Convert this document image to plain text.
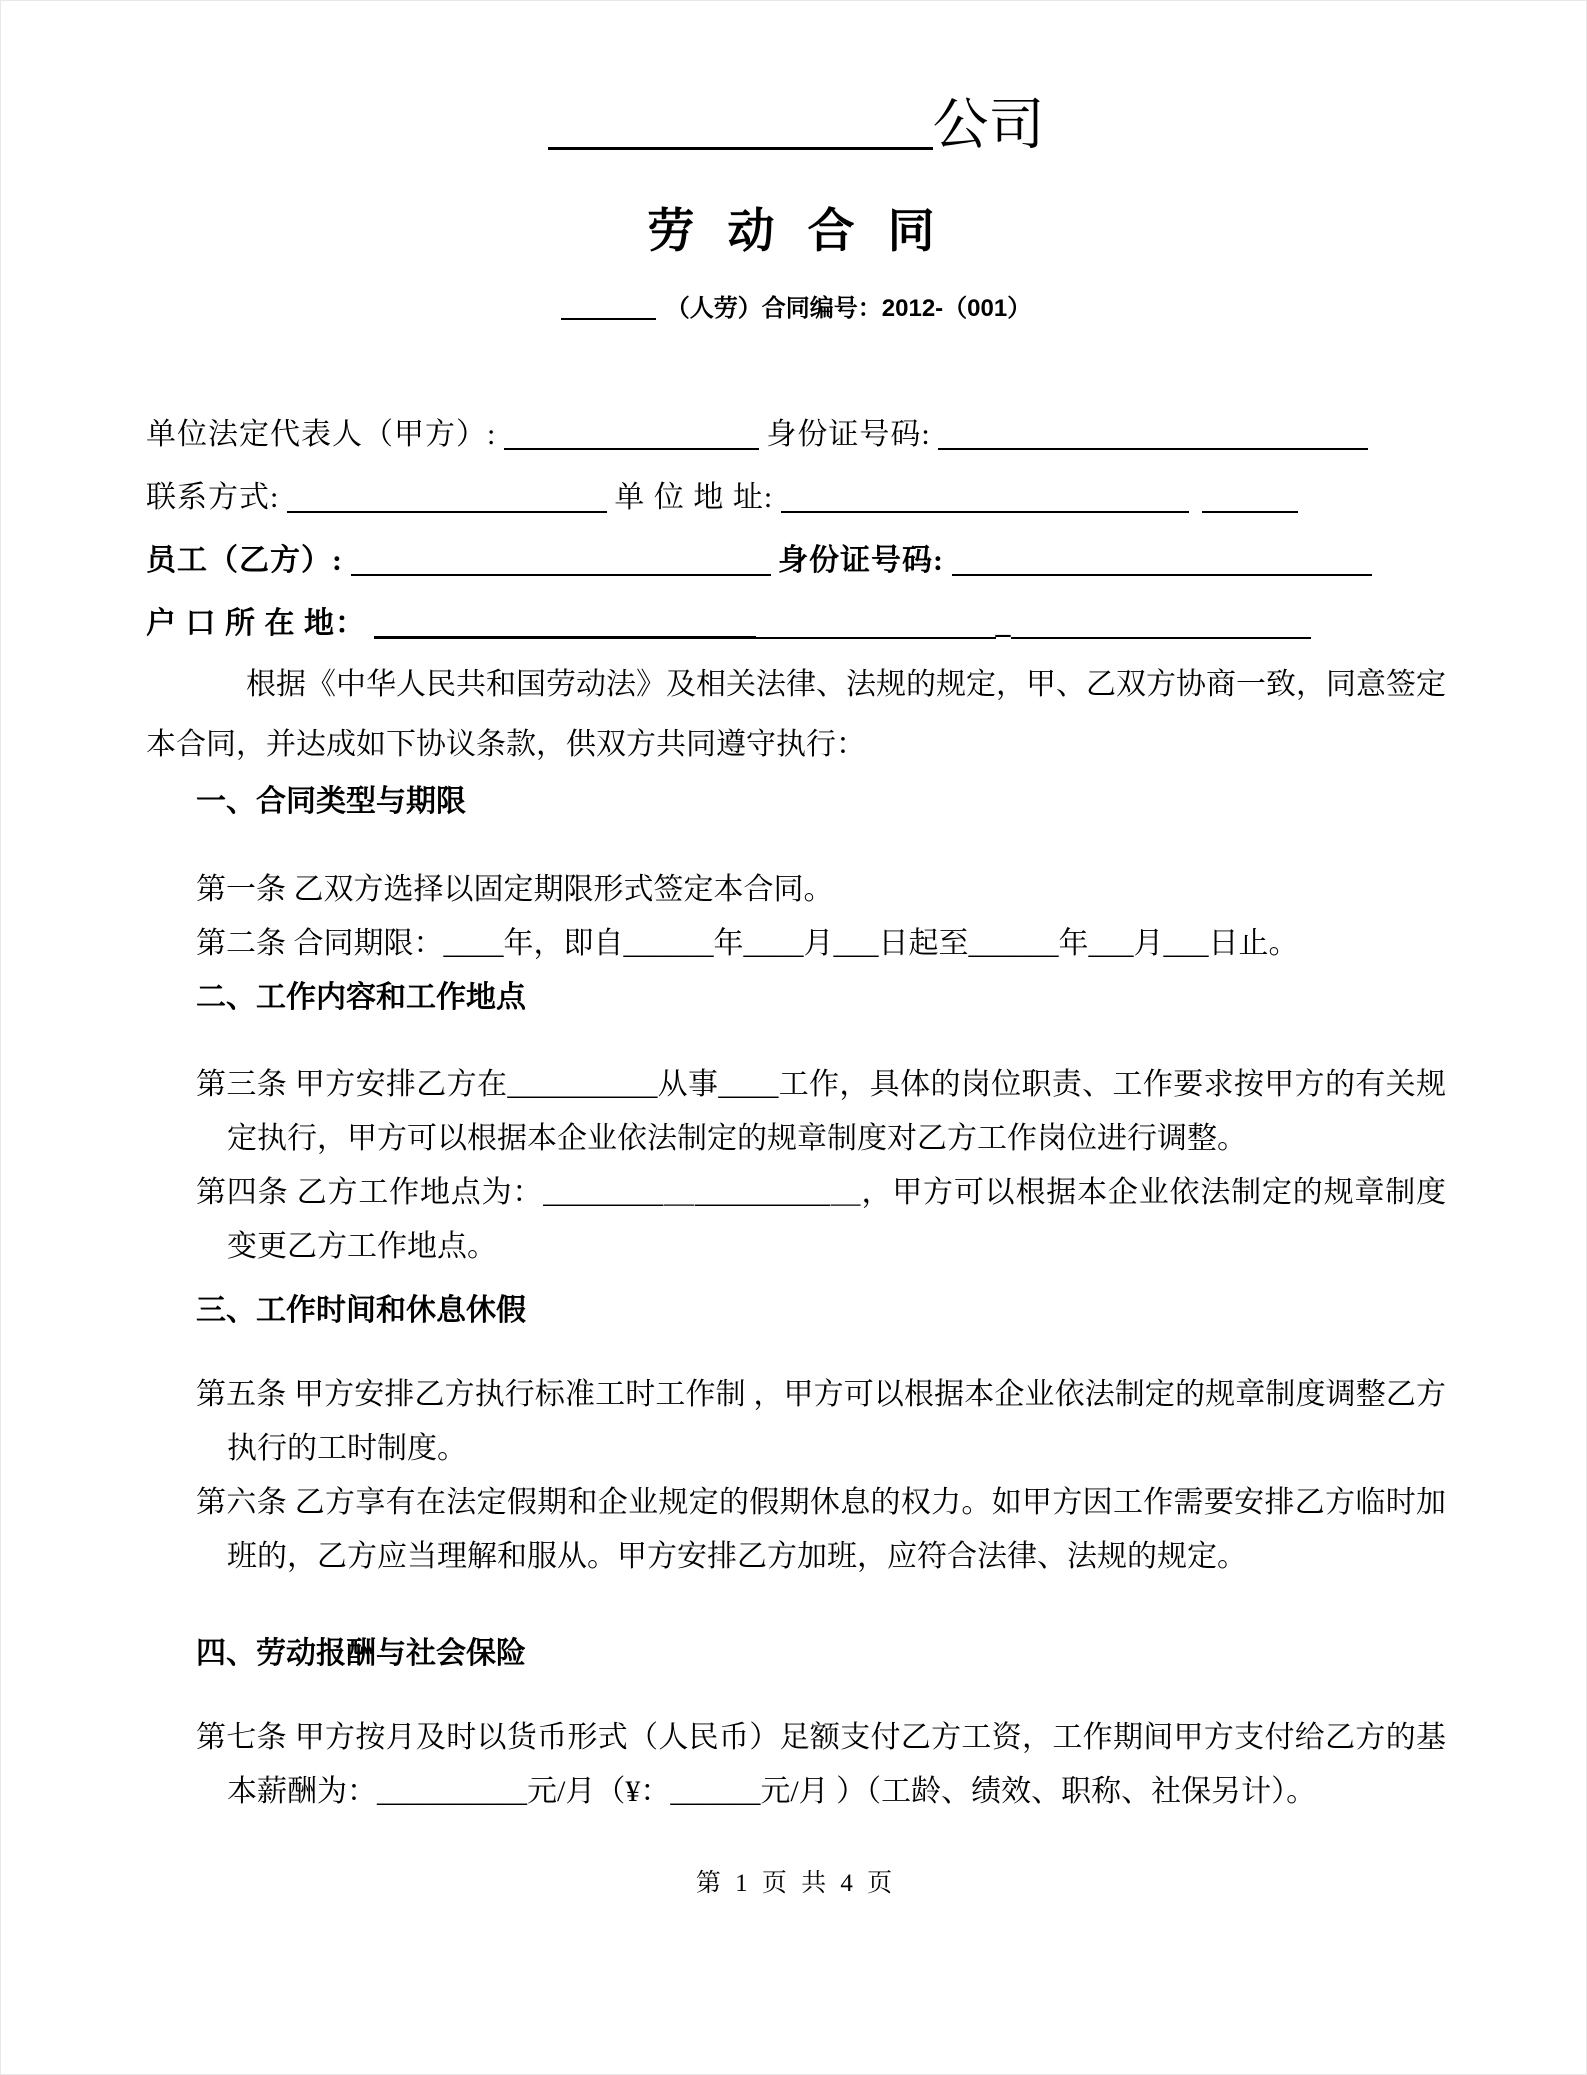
公司
劳 动 合 同
（人劳）合同编号：2012-（001）
单位法定代表人（甲方）:	身份证号码:
联系方式:	单 位 地 址:
员工（乙方）:	身份证号码:
户 口 所 在 地：	_

根据《中华人民共和国劳动法》及相关法律、法规的规定，甲、乙双方协商一致，同意签定本合同，并达成如下协议条款，供双方共同遵守执行：

一、合同类型与期限

第一条 乙双方选择以固定期限形式签定本合同。

第二条 合同期限：____年，即自______年____月___日起至______年___月___日止。

二、工作内容和工作地点

第三条 甲方安排乙方在__________从事____工作，具体的岗位职责、工作要求按甲方的有关规定执行，甲方可以根据本企业依法制定的规章制度对乙方工作岗位进行调整。

第四条 乙方工作地点为：________＿_________＿，甲方可以根据本企业依法制定的规章制度变更乙方工作地点。

三、工作时间和休息休假

第五条 甲方安排乙方执行标准工时工作制 ，甲方可以根据本企业依法制定的规章制度调整乙方执行的工时制度。

第六条 乙方享有在法定假期和企业规定的假期休息的权力。如甲方因工作需要安排乙方临时加班的，乙方应当理解和服从。甲方安排乙方加班，应符合法律、法规的规定。

四、劳动报酬与社会保险

第七条 甲方按月及时以货币形式（人民币）足额支付乙方工资，工作期间甲方支付给乙方的基本薪酬为：__________元/月（¥：______元/月 ）（工龄、绩效、职称、社保另计）。

第 1 页 共 4 页
